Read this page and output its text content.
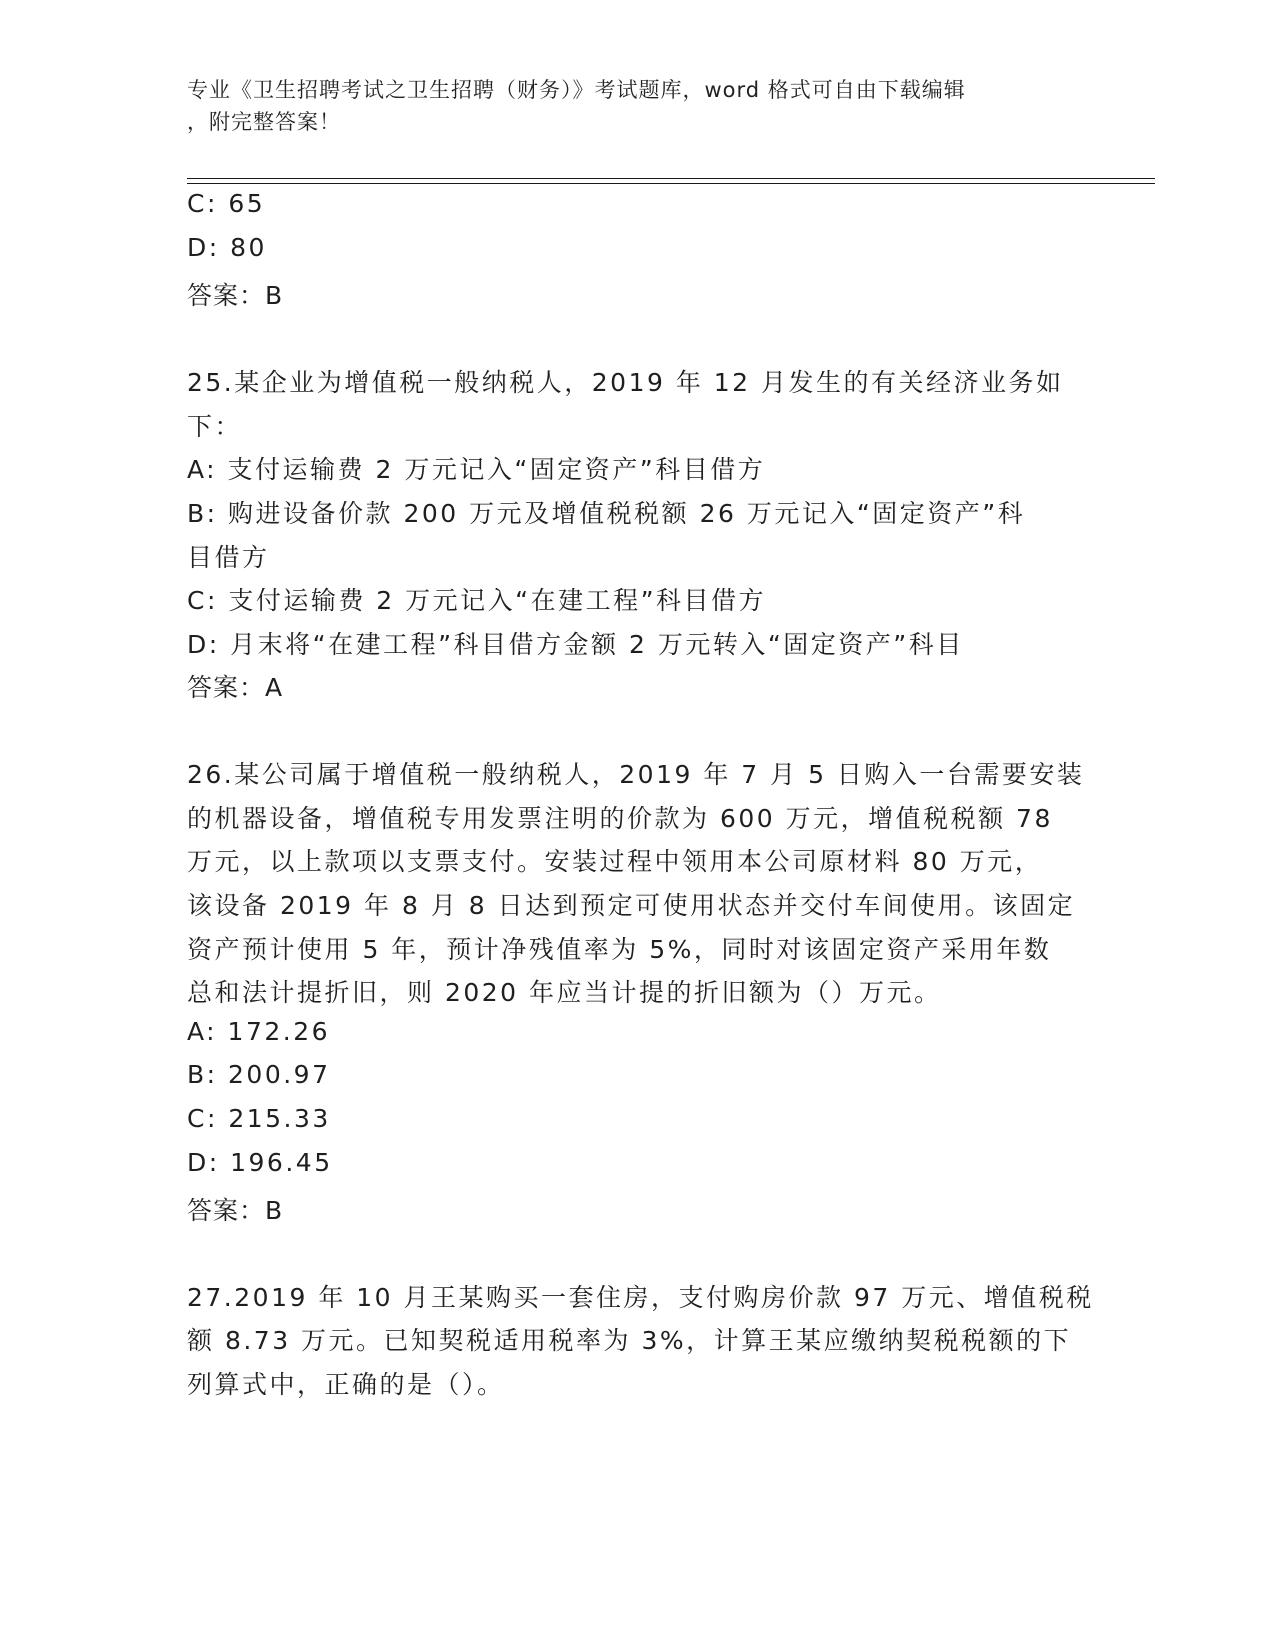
专业《卫生招聘考试之卫生招聘（财务）》考试题库，word 格式可自由下载编辑
，附完整答案！
C: 65
D: 80
答案：B
25.某企业为增值税一般纳税人，2019 年 12 月发生的有关经济业务如
下：
A: 支付运输费 2 万元记入“固定资产”科目借方
B: 购进设备价款 200 万元及增值税税额 26 万元记入“固定资产”科
目借方
C: 支付运输费 2 万元记入“在建工程”科目借方
D: 月末将“在建工程”科目借方金额 2 万元转入“固定资产”科目
答案：A
26.某公司属于增值税一般纳税人，2019 年 7 月 5 日购入一台需要安装
的机器设备，增值税专用发票注明的价款为 600 万元，增值税税额 78
万元，以上款项以支票支付。安装过程中领用本公司原材料 80 万元，
该设备 2019 年 8 月 8 日达到预定可使用状态并交付车间使用。该固定
资产预计使用 5 年，预计净残值率为 5%，同时对该固定资产采用年数
总和法计提折旧，则 2020 年应当计提的折旧额为（）万元。
A: 172.26
B: 200.97
C: 215.33
D: 196.45
答案：B
27.2019 年 10 月王某购买一套住房，支付购房价款 97 万元、增值税税
额 8.73 万元。已知契税适用税率为 3%，计算王某应缴纳契税税额的下
列算式中，正确的是（）。
